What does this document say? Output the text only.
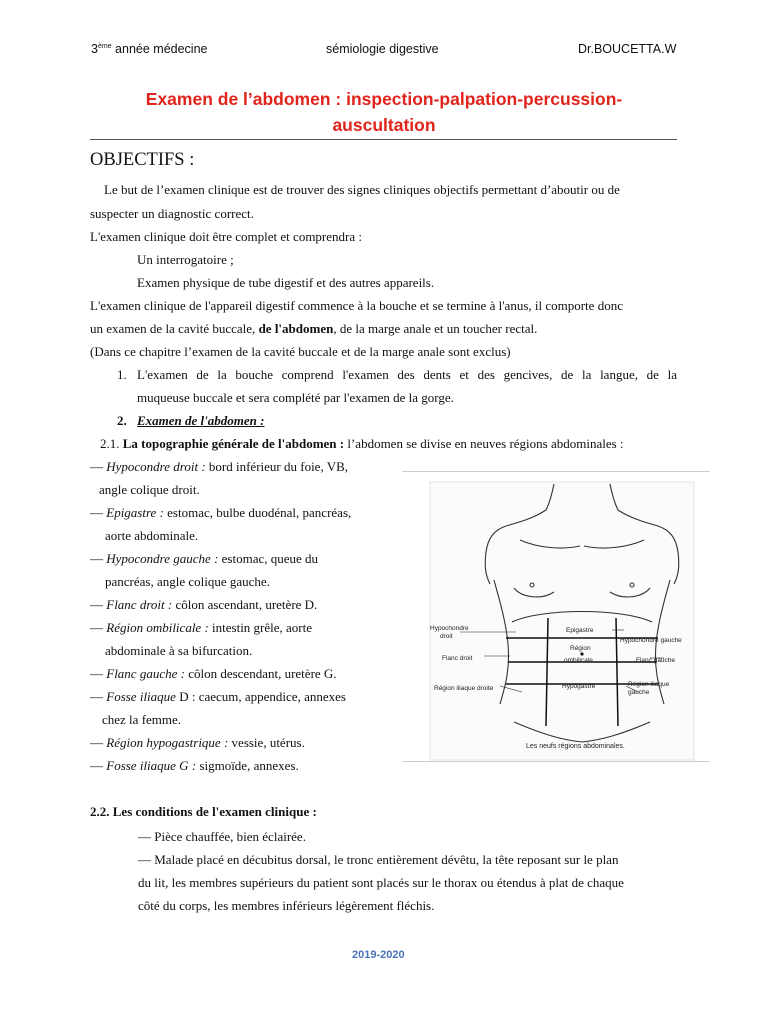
3ème année médecine	sémiologie digestive	Dr.BOUCETTA.W
Examen de l’abdomen : inspection-palpation-percussion-
auscultation
OBJECTIFS :
Le but de l’examen clinique est de trouver des signes cliniques objectifs permettant d’aboutir ou de
suspecter un diagnostic correct.
L'examen clinique doit être complet et comprendra :
Un interrogatoire ;
Examen physique de tube digestif et des autres appareils.
L'examen clinique de l'appareil digestif commence à la bouche et se termine à l'anus, il comporte donc
un examen de la cavité buccale, de l'abdomen, de la marge anale et un toucher rectal.
(Dans ce chapitre l’examen de la cavité buccale et de la marge anale sont exclus)
1. L'examen de la bouche comprend l'examen des dents et des gencives, de la langue, de la
muqueuse buccale et sera complété par l'examen de la gorge.
2. Examen de l'abdomen :
2.1. La topographie générale de l'abdomen : l’abdomen se divise en neuves régions abdominales :
— Hypocondre droit : bord inférieur du foie, VB,
angle colique droit.
— Epigastre : estomac, bulbe duodénal, pancréas,
aorte abdominale.
— Hypocondre gauche : estomac, queue du
pancréas, angle colique gauche.
— Flanc droit : côlon ascendant, uretère D.
— Région ombilicale : intestin grêle, aorte
abdominale à sa bifurcation.
— Flanc gauche : côlon descendant, uretère G.
— Fosse iliaque D : caecum, appendice, annexes
chez la femme.
— Région hypogastrique : vessie, utérus.
— Fosse iliaque G : sigmoïde, annexes.
Hypochondre
droit
Epigastre
Hypochondre gauche
Région
ombilicale
Flanc droit	Flanc gauche
Région iliaque droite	Hypogastre	Région iliaque
gauche
Les neufs régions abdominales.
2.2. Les conditions de l'examen clinique :
— Pièce chauffée, bien éclairée.
— Malade placé en décubitus dorsal, le tronc entièrement dévêtu, la tête reposant sur le plan
du lit, les membres supérieurs du patient sont placés sur le thorax ou étendus à plat de chaque
côté du corps, les membres inférieurs légèrement fléchis.
2019-2020
